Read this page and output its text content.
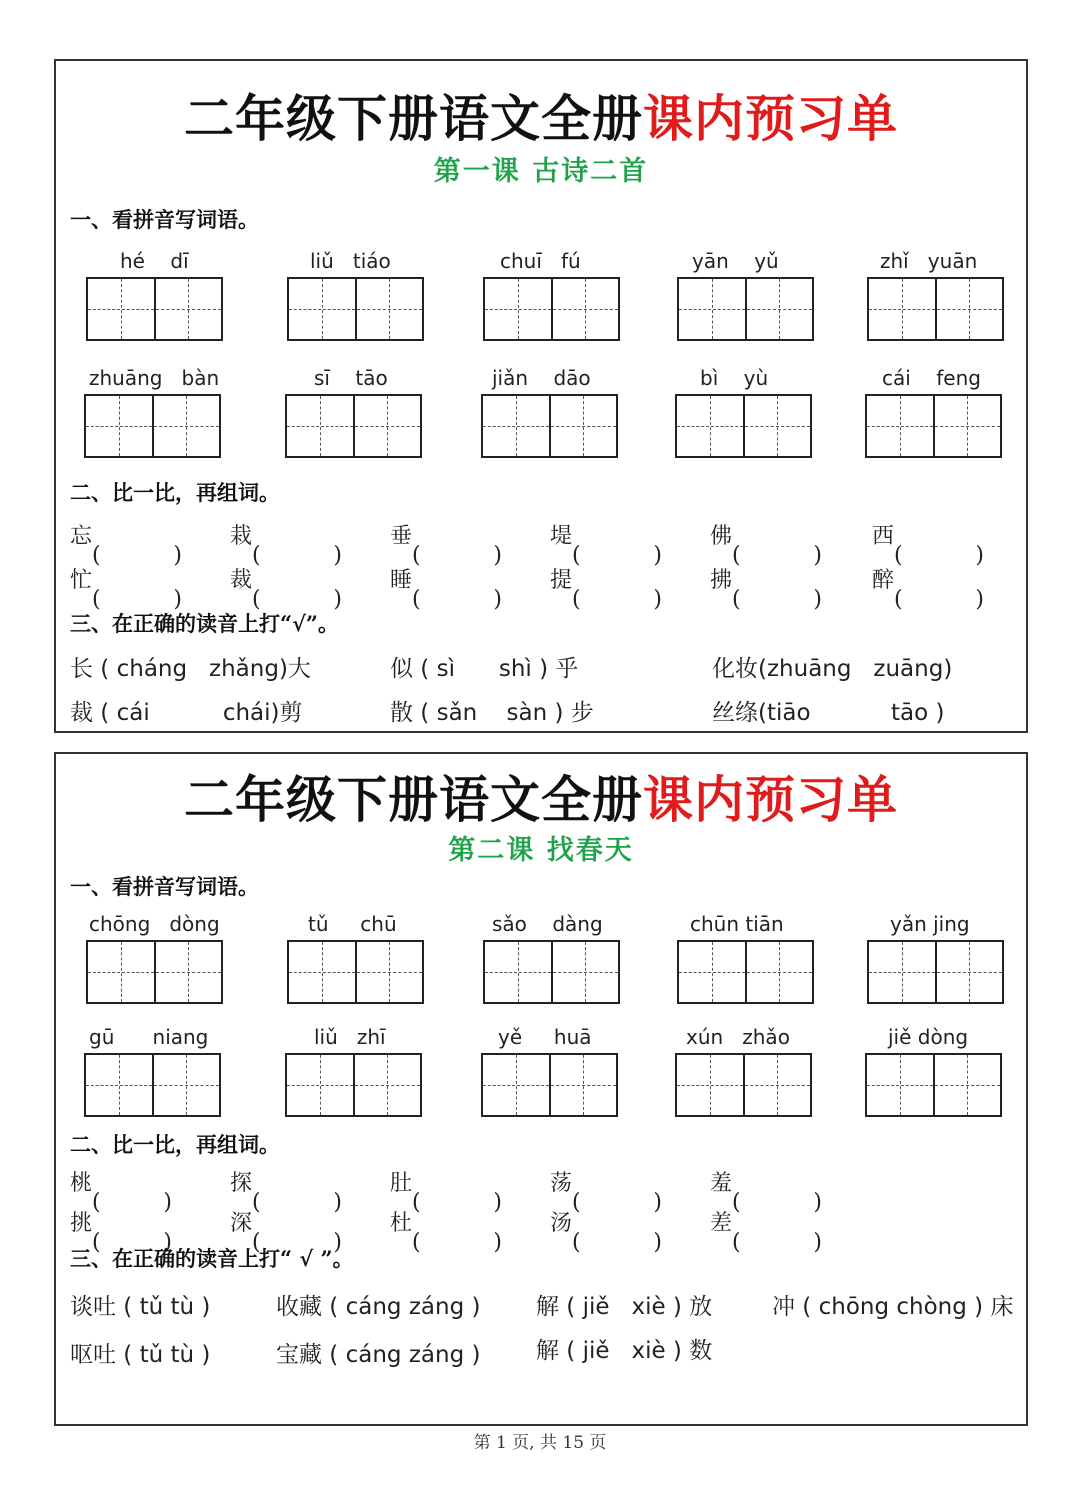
二年级下册语文全册课内预习单
第一课 古诗二首
一、看拼音写词语。
hé    dī	liǔ   tiáo	chuī   fú	yān    yǔ	zhǐ   yuān
zhuāng   bàn	sī    tāo	jiǎn    dāo	bì    yù	cái    feng
二、比一比，再组词。
忘	栽	垂	堤	佛	西
忙	裁	睡	提	拂	醉
三、在正确的读音上打“√”。
长 ( cháng   zhǎng)大	似 ( sì      shì ) 乎	化妆(zhuāng   zuāng)
裁 ( cái          chái)剪	散 ( sǎn    sàn ) 步	丝绦(tiāo           tāo )
二年级下册语文全册课内预习单
第二课 找春天
一、看拼音写词语。
chōng   dòng	tǔ     chū	sǎo    dàng	chūn tiān	yǎn jing
gū      niang	liǔ   zhī	yě     huā	xún   zhǎo	jiě dòng
二、比一比，再组词。
桃	探	肚	荡	羞
挑	深	杜	汤	差
三、在正确的读音上打“ √ ”。
谈吐 ( tǔ tù )	收藏 ( cáng záng ) 解 ( jiě   xiè ) 放	冲 ( chōng chòng ) 床
呕吐 ( tǔ tù )	宝藏 ( cáng záng ) 解 ( jiě   xiè ) 数
第 1 页, 共 15 页
